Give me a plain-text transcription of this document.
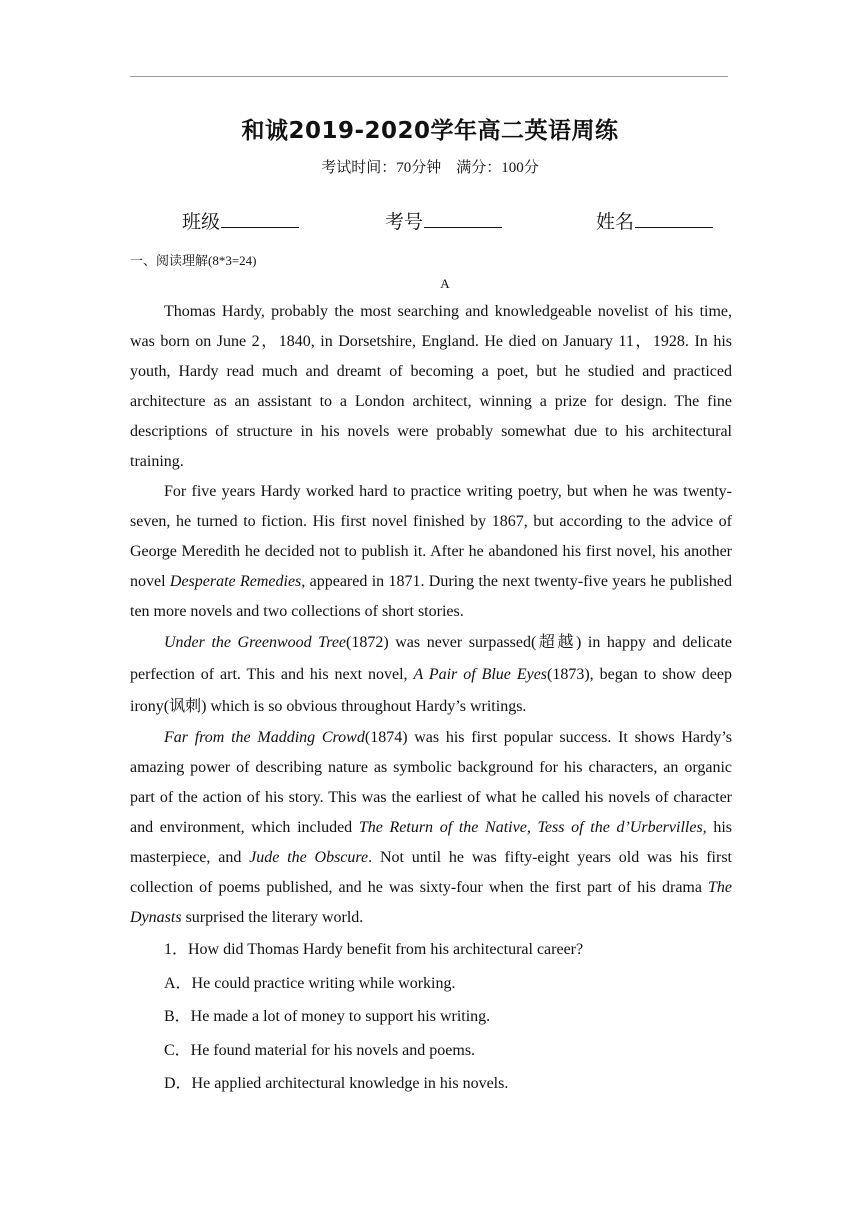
和诚2019-2020学年高二英语周练
考试时间：70分钟　满分：100分
班级	考号	姓名
一、阅读理解(8*3=24)
A

Thomas Hardy, probably the most searching and knowledgeable novelist of his time, was born on June 2，1840, in Dorsetshire, England. He died on January 11，1928. In his youth, Hardy read much and dreamt of becoming a poet, but he studied and practiced architecture as an assistant to a London architect, winning a prize for design. The fine descriptions of structure in his novels were probably somewhat due to his architectural training.

For five years Hardy worked hard to practice writing poetry, but when he was twenty-seven, he turned to fiction. His first novel finished by 1867, but according to the advice of George Meredith he decided not to publish it. After he abandoned his first novel, his another novel Desperate Remedies, appeared in 1871. During the next twenty-five years he published ten more novels and two collections of short stories.

Under the Greenwood Tree(1872) was never surpassed(超越) in happy and delicate perfection of art. This and his next novel, A Pair of Blue Eyes(1873), began to show deep irony(讽刺) which is so obvious throughout Hardy’s writings.

Far from the Madding Crowd(1874) was his first popular success. It shows Hardy’s amazing power of describing nature as symbolic background for his characters, an organic part of the action of his story. This was the earliest of what he called his novels of character and environment, which included The Return of the Native, Tess of the d’Urbervilles, his masterpiece, and Jude the Obscure. Not until he was fifty-eight years old was his first collection of poems published, and he was sixty-four when the first part of his drama The Dynasts surprised the literary world.

1．How did Thomas Hardy benefit from his architectural career?
A．He could practice writing while working.
B．He made a lot of money to support his writing.
C．He found material for his novels and poems.
D．He applied architectural knowledge in his novels.
